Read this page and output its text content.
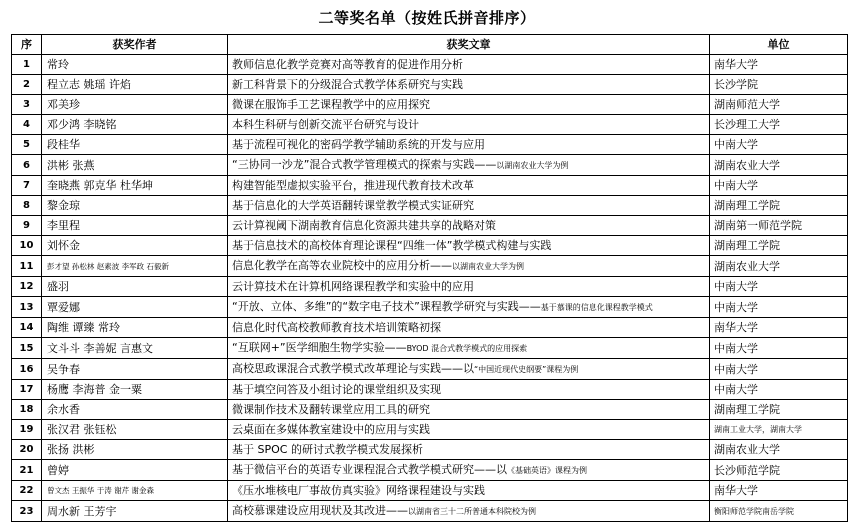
二等奖名单（按姓氏拼音排序）
序	获奖作者	获奖文章	单位
1	常玲	教师信息化教学竞赛对高等教育的促进作用分析	南华大学
2	程立志 姚瑶 许焰	新工科背景下的分级混合式教学体系研究与实践	长沙学院
3	邓美珍	微课在服饰手工艺课程教学中的应用探究	湖南师范大学
4	邓少鸿 李晓铭	本科生科研与创新交流平台研究与设计	长沙理工大学
5	段桂华	基于流程可视化的密码学教学辅助系统的开发与应用	中南大学
6	洪彬 张燕	“三协同一沙龙”混合式教学管理模式的探索与实践——以湖南农业大学为例	湖南农业大学
7	奎晓燕 郭克华 杜华坤	构建智能型虚拟实验平台，推进现代教育技术改革	中南大学
8	黎金琼	基于信息化的大学英语翻转课堂教学模式实证研究	湖南理工学院
9	李里程	云计算视阈下湖南教育信息化资源共建共享的战略对策	湖南第一师范学院
10	刘怀金	基于信息技术的高校体育理论课程“四维一体”教学模式构建与实践	湖南理工学院
11	彭才望 孙松林 赵素波 李军政 石毅新	信息化教学在高等农业院校中的应用分析——以湖南农业大学为例	湖南农业大学
12	盛羽	云计算技术在计算机网络课程教学和实验中的应用	中南大学
13	覃爱娜	“开放、立体、多维”的“数字电子技术”课程教学研究与实践——基于慕课的信息化课程教学模式	中南大学
14	陶维 谭臻 常玲	信息化时代高校教师教育技术培训策略初探	南华大学
15	文斗斗 李善妮 言惠文	“互联网+”医学细胞生物学实验——BYOD 混合式教学模式的应用探索	中南大学
16	吴争春	高校思政课混合式教学模式改革理论与实践——以“中国近现代史纲要”课程为例	中南大学
17	杨鹰 李海普 金一粟	基于填空问答及小组讨论的课堂组织及实现	中南大学
18	余水香	微课制作技术及翻转课堂应用工具的研究	湖南理工学院
19	张汉君 张钰松	云桌面在多媒体教室建设中的应用与实践	湖南工业大学，湖南大学
20	张扬 洪彬	基于 SPOC 的研讨式教学模式发展探析	湖南农业大学
21	曾婷	基于微信平台的英语专业课程混合式教学模式研究——以《基础英语》课程为例	长沙师范学院
22	曾文杰 王振华 于涛 谢芹 谢金森	《压水堆核电厂事故仿真实验》网络课程建设与实践	南华大学
23	周水新 王芳宇	高校慕课建设应用现状及其改进——以湖南省三十二所普通本科院校为例	衡阳师范学院南岳学院
